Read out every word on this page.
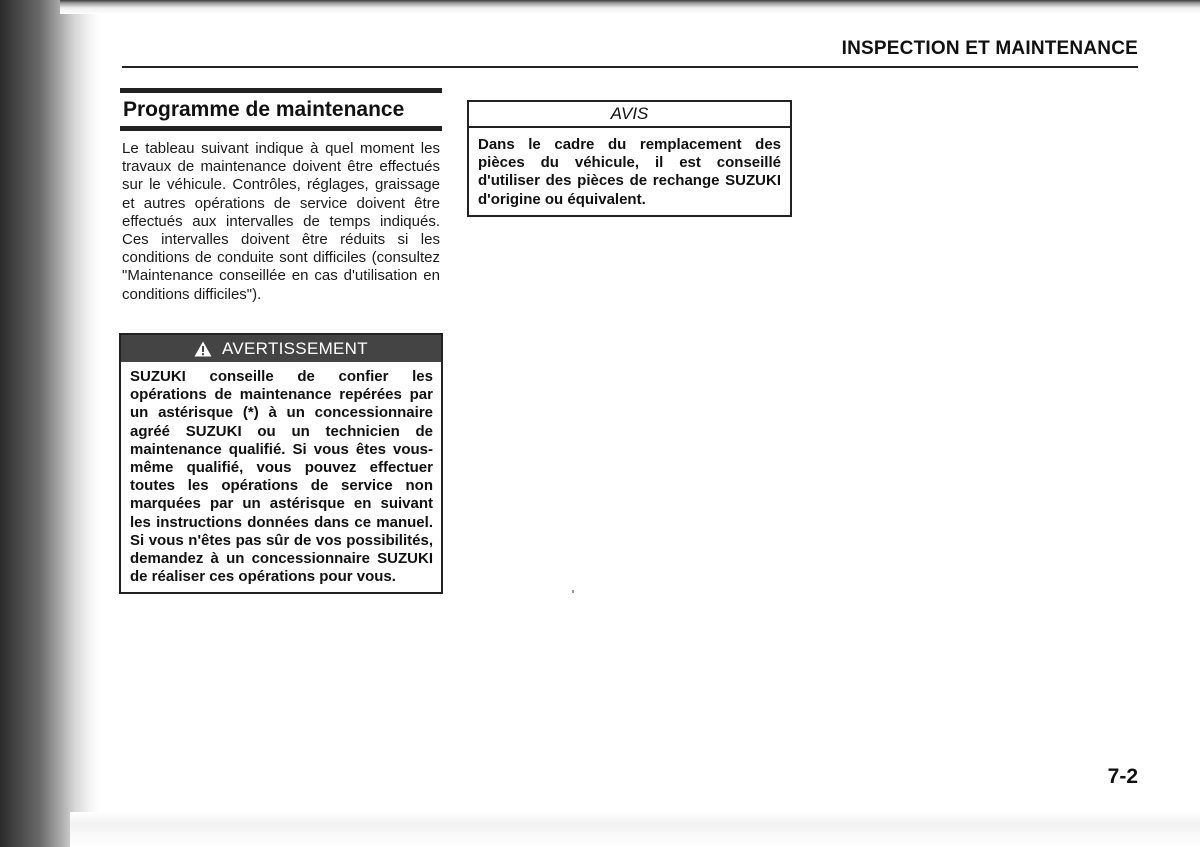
INSPECTION ET MAINTENANCE
Programme de maintenance

Le tableau suivant indique à quel moment les travaux de maintenance doivent être effectués sur le véhicule. Contrôles, réglages, graissage et autres opérations de service doivent être effectués aux intervalles de temps indiqués. Ces intervalles doivent être réduits si les conditions de conduite sont difficiles (consultez "Maintenance conseillée en cas d'utilisation en conditions difficiles").

AVERTISSEMENT
SUZUKI conseille de confier les opérations de maintenance repérées par un astérisque (*) à un concessionnaire agréé SUZUKI ou un technicien de maintenance qualifié. Si vous êtes vous-même qualifié, vous pouvez effectuer toutes les opérations de service non marquées par un astérisque en suivant les instructions données dans ce manuel. Si vous n'êtes pas sûr de vos possibilités, demandez à un concessionnaire SUZUKI de réaliser ces opérations pour vous.
AVIS
Dans le cadre du remplacement des pièces du véhicule, il est conseillé d'utiliser des pièces de rechange SUZUKI d'origine ou équivalent.
7-2
